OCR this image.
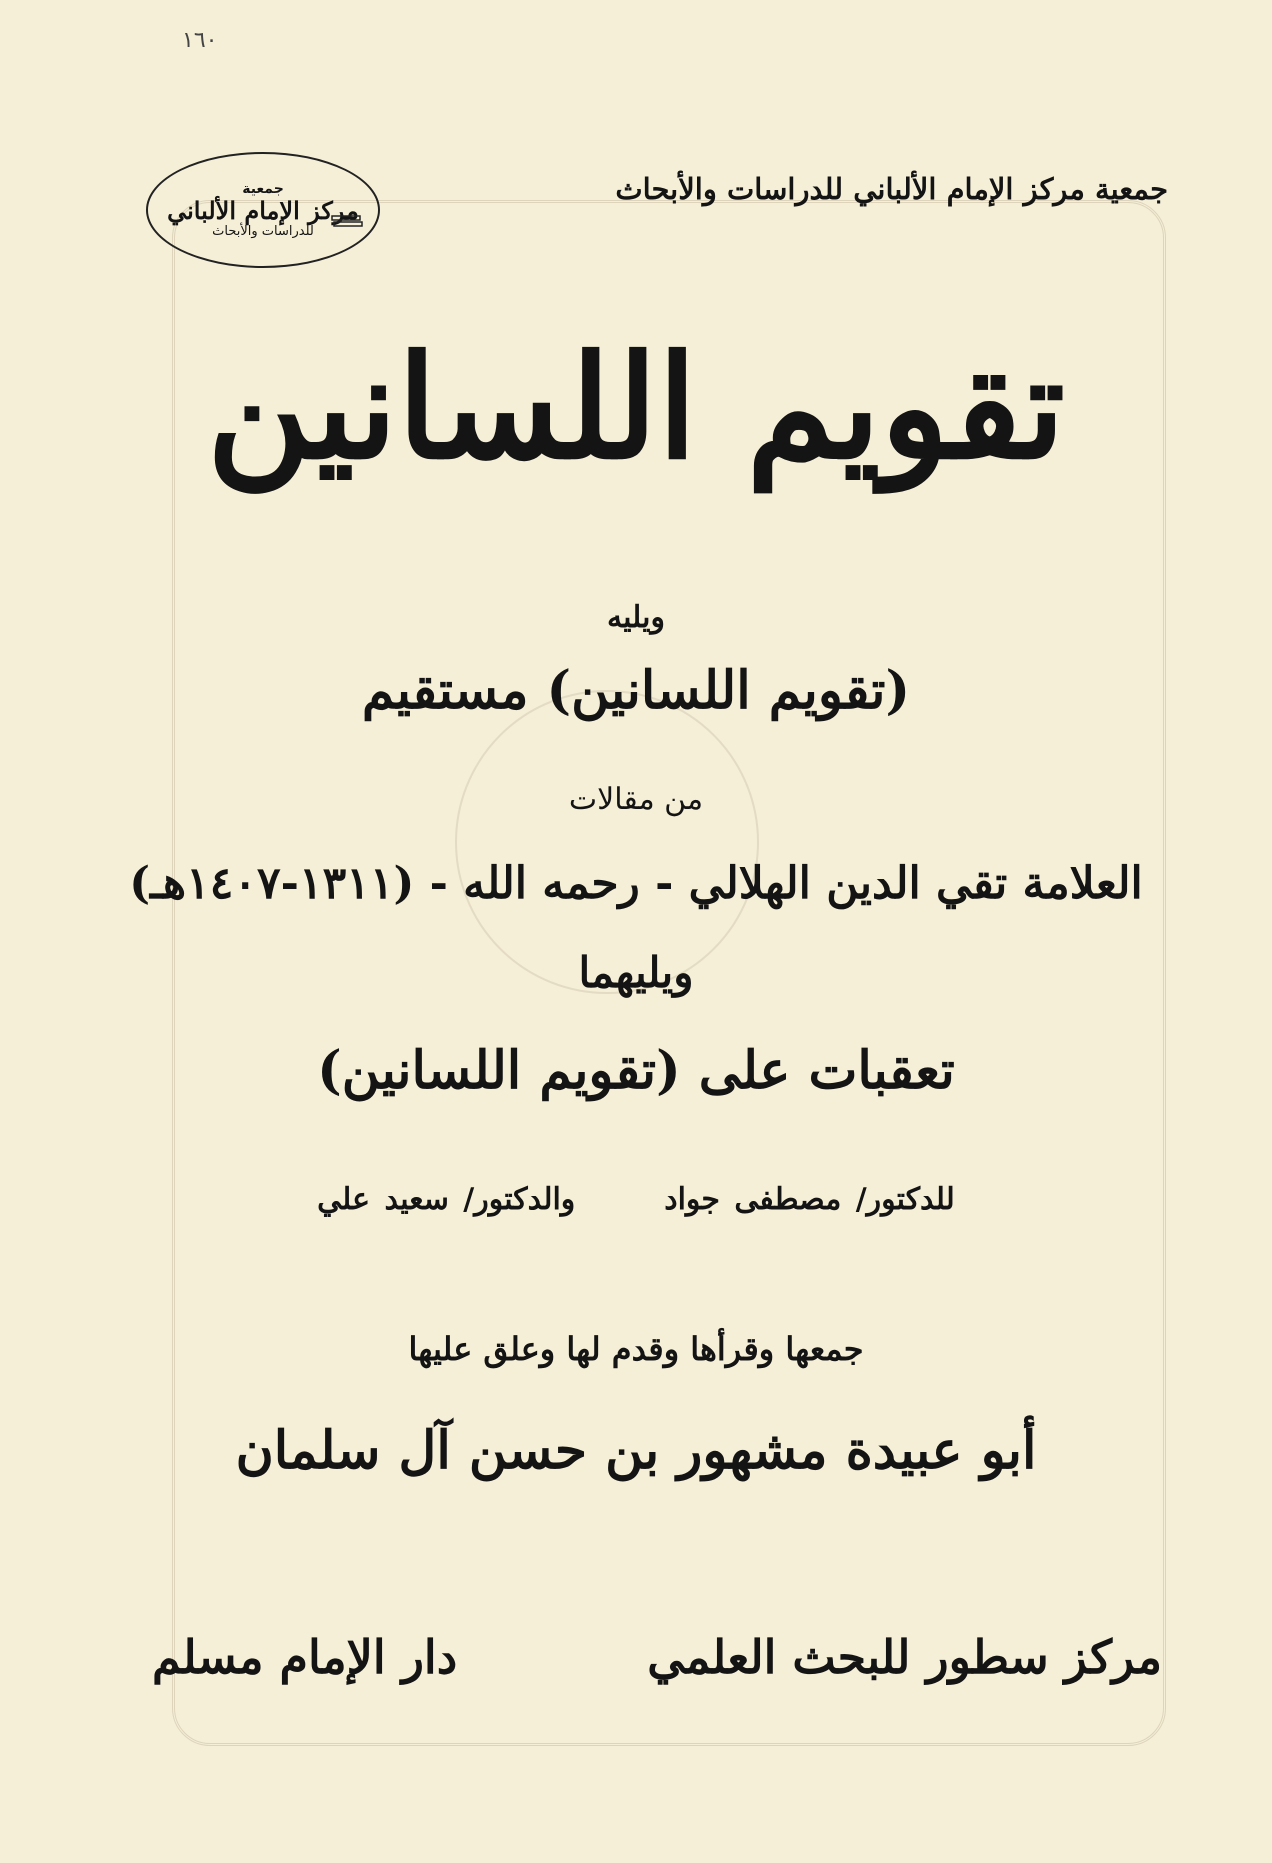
١٦٠
جمعية
مركز الإمام الألباني
للدراسات والأبحاث
جمعية مركز الإمام الألباني للدراسات والأبحاث
تقويم اللسانين
ويليه
(تقويم اللسانين) مستقيم
من مقالات
العلامة تقي الدين الهلالي - رحمه الله - (١٣١١-١٤٠٧هـ)
ويليهما
تعقبات على (تقويم اللسانين)
للدكتور/ مصطفى جواد  والدكتور/ سعيد علي
جمعها وقرأها وقدم لها وعلق عليها
أبو عبيدة مشهور بن حسن آل سلمان
مركز سطور للبحث العلمي
دار الإمام مسلم
